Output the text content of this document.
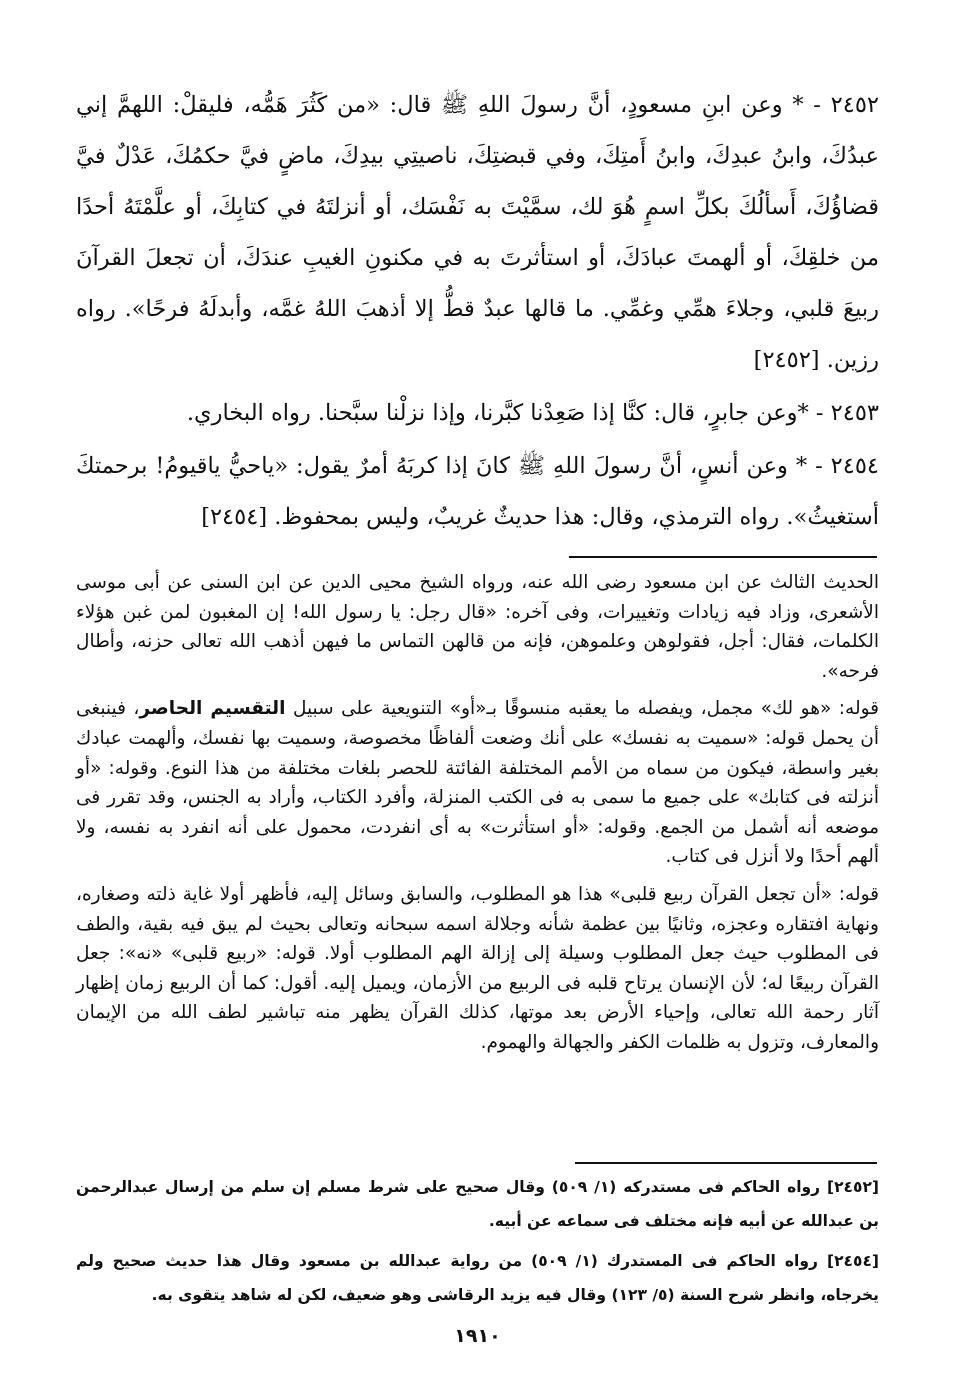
٢٤٥٢ - * وعن ابنِ مسعودٍ، أنَّ رسولَ اللهِ ﷺ قال: «من كَثُرَ هَمُّه، فليقلْ: اللهمَّ إني عبدُكَ، وابنُ عبدِكَ، وابنُ أَمتِكَ، وفي قبضتِكَ، ناصيتِي بيدِكَ، ماضٍ فيَّ حكمُكَ، عَدْلٌ فيَّ قضاؤُكَ، أَسألُكَ بكلِّ اسمٍ هُوَ لك، سمَّيْتَ به نَفْسَك، أو أنزلتَهُ في كتابِكَ، أو علَّمْتَهُ أحدًا من خلقِكَ، أو ألهمتَ عبادَكَ، أو استأثرتَ به في مكنونِ الغيبِ عندَكَ، أن تجعلَ القرآنَ ربيعَ قلبي، وجلاءَ همِّي وغمِّي. ما قالها عبدٌ قطُّ إلا أذهبَ اللهُ غمَّه، وأبدلَهُ فرحًا». رواه رزين. [٢٤٥٢]

٢٤٥٣ - *وعن جابرٍ، قال: كنَّا إذا صَعِدْنا كبَّرنا، وإذا نزلْنا سبَّحنا. رواه البخاري.

٢٤٥٤ - * وعن أنسٍ، أنَّ رسولَ اللهِ ﷺ كانَ إذا كربَهُ أمرٌ يقول: «ياحيُّ ياقيومُ! برحمتكَ أستغيثُ». رواه الترمذي، وقال: هذا حديثٌ غريبٌ، وليس بمحفوظ. [٢٤٥٤]

الحديث الثالث عن ابن مسعود رضى الله عنه، ورواه الشيخ محيى الدين عن ابن السنى عن أبى موسى الأشعرى، وزاد فيه زيادات وتغييرات، وفى آخره: «قال رجل: يا رسول الله! إن المغبون لمن غبن هؤلاء الكلمات، فقال: أجل، فقولوهن وعلموهن، فإنه من قالهن التماس ما فيهن أذهب الله تعالى حزنه، وأطال فرحه».

قوله: «هو لك» مجمل، ويفصله ما يعقبه منسوقًا بـ«أو» التنويعية على سبيل التقسيم الحاصر، فينبغى أن يحمل قوله: «سميت به نفسك» على أنك وضعت ألفاظًا مخصوصة، وسميت بها نفسك، وألهمت عبادك بغير واسطة، فيكون من سماه من الأمم المختلفة الفائتة للحصر بلغات مختلفة من هذا النوع. وقوله: «أو أنزلته فى كتابك» على جميع ما سمى به فى الكتب المنزلة، وأفرد الكتاب، وأراد به الجنس، وقد تقرر فى موضعه أنه أشمل من الجمع. وقوله: «أو استأثرت» به أى انفردت، محمول على أنه انفرد به نفسه، ولا ألهم أحدًا ولا أنزل فى كتاب.

قوله: «أن تجعل القرآن ربيع قلبى» هذا هو المطلوب، والسابق وسائل إليه، فأظهر أولا غاية ذلته وصغاره، ونهاية افتقاره وعجزه، وثانيًا بين عظمة شأنه وجلالة اسمه سبحانه وتعالى بحيث لم يبق فيه بقية، والطف فى المطلوب حيث جعل المطلوب وسيلة إلى إزالة الهم المطلوب أولا. قوله: «ربيع قلبى» «نه»: جعل القرآن ربيعًا له؛ لأن الإنسان يرتاح قلبه فى الربيع من الأزمان، ويميل إليه. أقول: كما أن الربيع زمان إظهار آثار رحمة الله تعالى، وإحياء الأرض بعد موتها، كذلك القرآن يظهر منه تباشير لطف الله من الإيمان والمعارف، وتزول به ظلمات الكفر والجهالة والهموم.

[٢٤٥٢] رواه الحاكم فى مستدركه (١/ ٥٠٩) وقال صحيح على شرط مسلم إن سلم من إرسال عبدالرحمن بن عبدالله عن أبيه فإنه مختلف فى سماعه عن أبيه.

[٢٤٥٤] رواه الحاكم فى المستدرك (١/ ٥٠٩) من رواية عبدالله بن مسعود وقال هذا حديث صحيح ولم يخرجاه، وانظر شرح السنة (٥/ ١٢٣) وقال فيه يزيد الرقاشى وهو ضعيف، لكن له شاهد يتقوى به.

١٩١٠
